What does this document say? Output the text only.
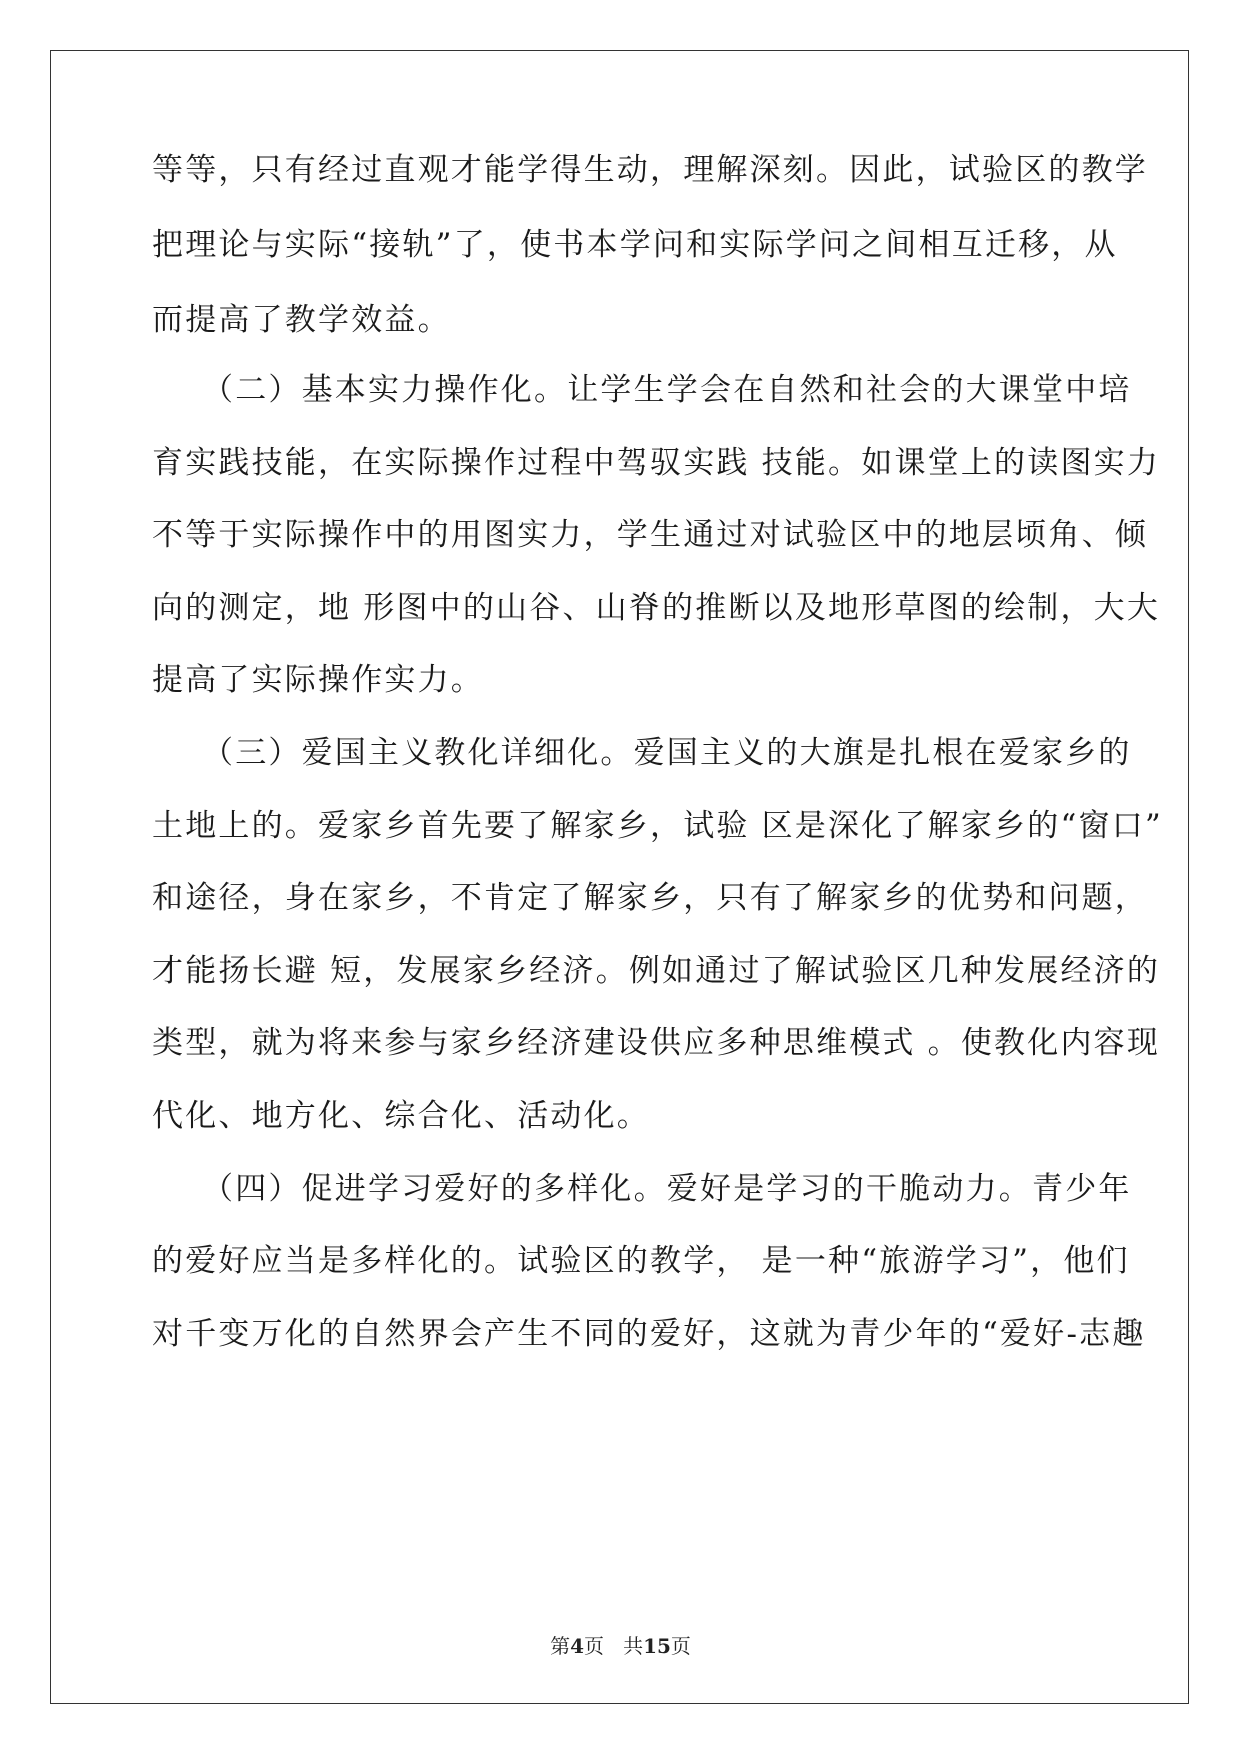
等等，只有经过直观才能学得生动，理解深刻。因此，试验区的教学
把理论与实际“接轨”了，使书本学问和实际学问之间相互迁移，从
而提高了教学效益。
（二）基本实力操作化。让学生学会在自然和社会的大课堂中培
育实践技能，在实际操作过程中驾驭实践 技能。如课堂上的读图实力
不等于实际操作中的用图实力，学生通过对试验区中的地层顷角、倾
向的测定，地 形图中的山谷、山脊的推断以及地形草图的绘制，大大
提高了实际操作实力。
（三）爱国主义教化详细化。爱国主义的大旗是扎根在爱家乡的
土地上的。爱家乡首先要了解家乡，试验 区是深化了解家乡的“窗口”
和途径，身在家乡，不肯定了解家乡，只有了解家乡的优势和问题，
才能扬长避 短，发展家乡经济。例如通过了解试验区几种发展经济的
类型，就为将来参与家乡经济建设供应多种思维模式 。使教化内容现
代化、地方化、综合化、活动化。
（四）促进学习爱好的多样化。爱好是学习的干脆动力。青少年
的爱好应当是多样化的。试验区的教学， 是一种“旅游学习”，他们
对千变万化的自然界会产生不同的爱好，这就为青少年的“爱好-志趣
第4页 共15页
